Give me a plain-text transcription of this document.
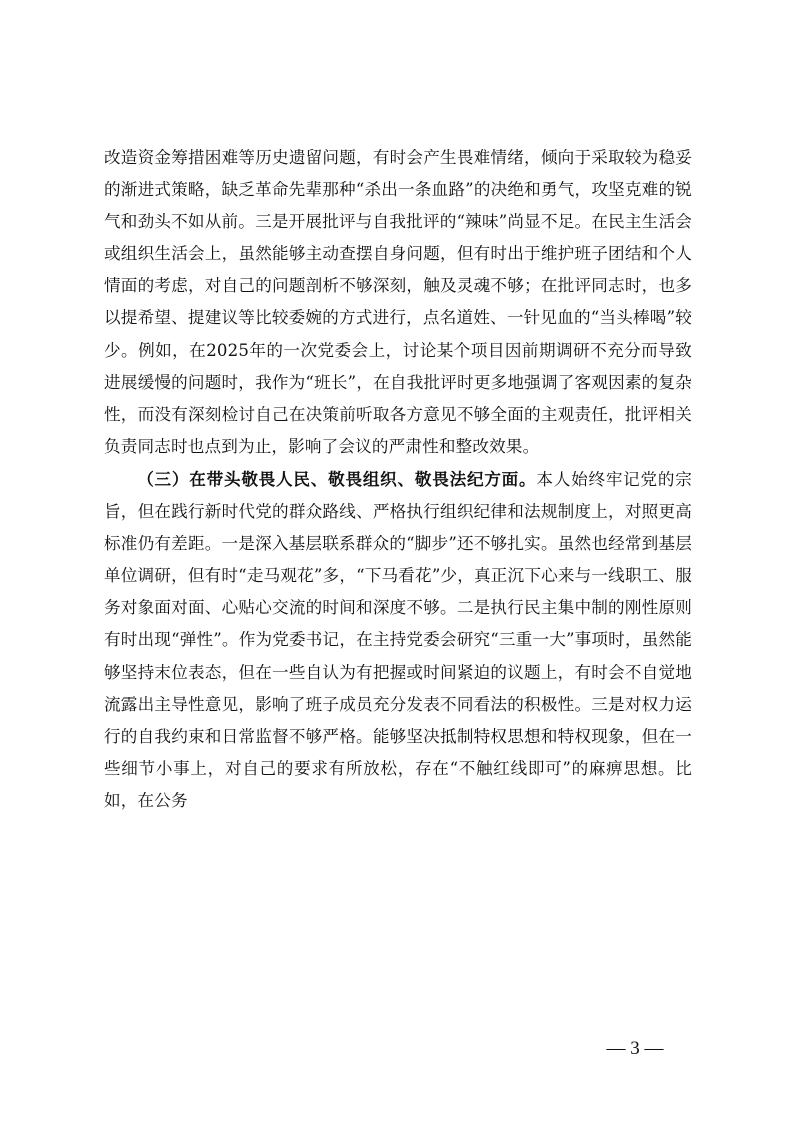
改造资金筹措困难等历史遗留问题，有时会产生畏难情绪，倾向于采取较为稳妥的渐进式策略，缺乏革命先辈那种“杀出一条血路”的决绝和勇气，攻坚克难的锐气和劲头不如从前。三是开展批评与自我批评的“辣味”尚显不足。在民主生活会或组织生活会上，虽然能够主动查摆自身问题，但有时出于维护班子团结和个人情面的考虑，对自己的问题剖析不够深刻，触及灵魂不够；在批评同志时，也多以提希望、提建议等比较委婉的方式进行，点名道姓、一针见血的“当头棒喝”较少。例如，在2025年的一次党委会上，讨论某个项目因前期调研不充分而导致进展缓慢的问题时，我作为“班长”，在自我批评时更多地强调了客观因素的复杂性，而没有深刻检讨自己在决策前听取各方意见不够全面的主观责任，批评相关负责同志时也点到为止，影响了会议的严肃性和整改效果。

（三）在带头敬畏人民、敬畏组织、敬畏法纪方面。本人始终牢记党的宗旨，但在践行新时代党的群众路线、严格执行组织纪律和法规制度上，对照更高标准仍有差距。一是深入基层联系群众的“脚步”还不够扎实。虽然也经常到基层单位调研，但有时“走马观花”多，“下马看花”少，真正沉下心来与一线职工、服务对象面对面、心贴心交流的时间和深度不够。二是执行民主集中制的刚性原则有时出现“弹性”。作为党委书记，在主持党委会研究“三重一大”事项时，虽然能够坚持末位表态，但在一些自认为有把握或时间紧迫的议题上，有时会不自觉地流露出主导性意见，影响了班子成员充分发表不同看法的积极性。三是对权力运行的自我约束和日常监督不够严格。能够坚决抵制特权思想和特权现象，但在一些细节小事上，对自己的要求有所放松，存在“不触红线即可”的麻痹思想。比如，在公务

— 3 —
